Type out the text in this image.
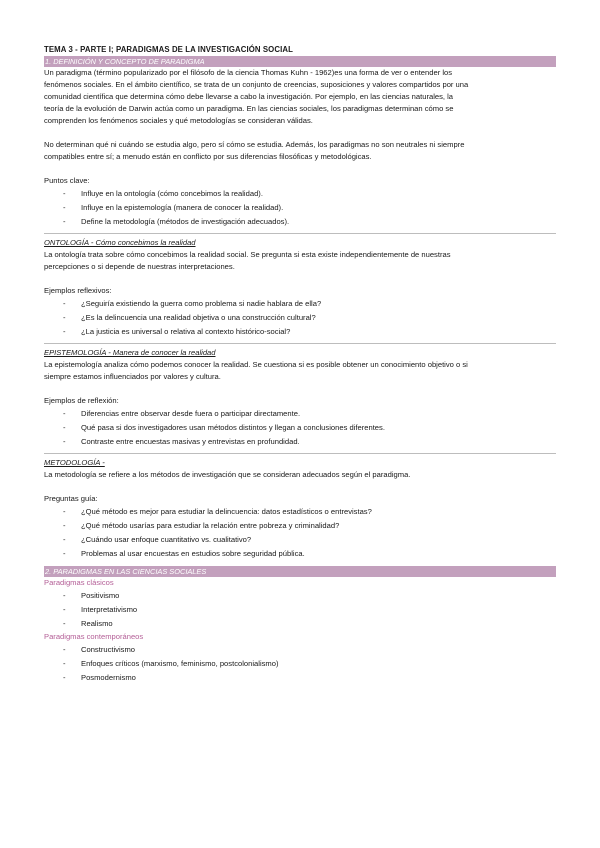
TEMA 3 - PARTE I; PARADIGMAS DE LA INVESTIGACIÓN SOCIAL
1. DEFINICIÓN Y CONCEPTO DE PARADIGMA
Un paradigma (término popularizado por el filósofo de la ciencia Thomas Kuhn - 1962)es una forma de ver o entender los
fenómenos sociales. En el ámbito científico, se trata de un conjunto de creencias, suposiciones y valores compartidos por una
comunidad científica que determina cómo debe llevarse a cabo la investigación. Por ejemplo, en las ciencias naturales, la
teoría de la evolución de Darwin actúa como un paradigma. En las ciencias sociales, los paradigmas determinan cómo se
comprenden los fenómenos sociales y qué metodologías se consideran válidas.
No determinan qué ni cuándo se estudia algo, pero sí cómo se estudia. Además, los paradigmas no son neutrales ni siempre
compatibles entre sí; a menudo están en conflicto por sus diferencias filosóficas y metodológicas.
Puntos clave:
- Influye en la ontología (cómo concebimos la realidad).
- Influye en la epistemología (manera de conocer la realidad).
- Define la metodología (métodos de investigación adecuados).
ONTOLOGÍA - Cómo concebimos la realidad
La ontología trata sobre cómo concebimos la realidad social. Se pregunta si esta existe independientemente de nuestras
percepciones o si depende de nuestras interpretaciones.
Ejemplos reflexivos:
- ¿Seguiría existiendo la guerra como problema si nadie hablara de ella?
- ¿Es la delincuencia una realidad objetiva o una construcción cultural?
- ¿La justicia es universal o relativa al contexto histórico-social?
EPISTEMOLOGÍA - Manera de conocer la realidad
La epistemología analiza cómo podemos conocer la realidad. Se cuestiona si es posible obtener un conocimiento objetivo o si
siempre estamos influenciados por valores y cultura.
Ejemplos de reflexión:
- Diferencias entre observar desde fuera o participar directamente.
- Qué pasa si dos investigadores usan métodos distintos y llegan a conclusiones diferentes.
- Contraste entre encuestas masivas y entrevistas en profundidad.
METODOLOGÍA -
La metodología se refiere a los métodos de investigación que se consideran adecuados según el paradigma.
Preguntas guía:
- ¿Qué método es mejor para estudiar la delincuencia: datos estadísticos o entrevistas?
- ¿Qué método usarías para estudiar la relación entre pobreza y criminalidad?
- ¿Cuándo usar enfoque cuantitativo vs. cualitativo?
- Problemas al usar encuestas en estudios sobre seguridad pública.
2. PARADIGMAS EN LAS CIENCIAS SOCIALES
Paradigmas clásicos
- Positivismo
- Interpretativismo
- Realismo
Paradigmas contemporáneos
- Constructivismo
- Enfoques críticos (marxismo, feminismo, postcolonialismo)
- Posmodernismo
